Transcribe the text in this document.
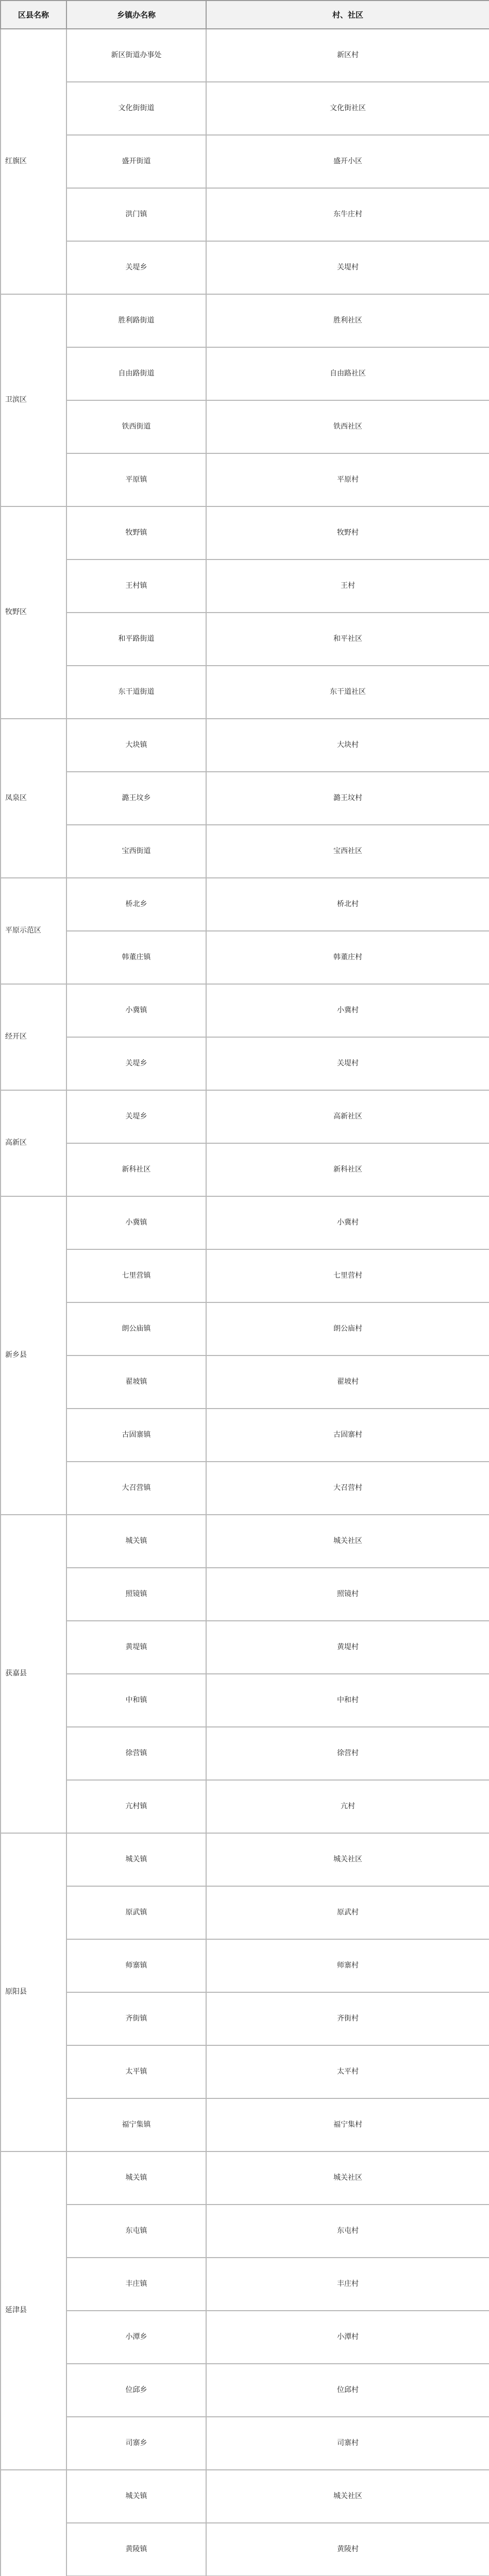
区县名称	乡镇办名称	村、社区
红旗区	新区街道办事处	新区村
	文化街街道	文化街社区
	盛开街道	盛开小区
	洪门镇	东牛庄村
	关堤乡	关堤村
卫滨区	胜利路街道	胜利社区
	自由路街道	自由路社区
	铁西街道	铁西社区
	平原镇	平原村
牧野区	牧野镇	牧野村
	王村镇	王村
	和平路街道	和平社区
	东干道街道	东干道社区
凤泉区	大块镇	大块村
	潞王坟乡	潞王坟村
	宝西街道	宝西社区
平原示范区	桥北乡	桥北村
	韩董庄镇	韩董庄村
经开区	小冀镇	小冀村
	关堤乡	关堤村
高新区	关堤乡	高新社区
	新科社区	新科社区
新乡县	小冀镇	小冀村
	七里营镇	七里营村
	朗公庙镇	朗公庙村
	翟坡镇	翟坡村
	古固寨镇	古固寨村
	大召营镇	大召营村
获嘉县	城关镇	城关社区
	照镜镇	照镜村
	黄堤镇	黄堤村
	中和镇	中和村
	徐营镇	徐营村
	亢村镇	亢村
原阳县	城关镇	城关社区
	原武镇	原武村
	师寨镇	师寨村
	齐街镇	齐街村
	太平镇	太平村
	福宁集镇	福宁集村
延津县	城关镇	城关社区
	东屯镇	东屯村
	丰庄镇	丰庄村
	小潭乡	小潭村
	位邱乡	位邱村
	司寨乡	司寨村
	城关镇	城关社区
	黄陵镇	黄陵村
